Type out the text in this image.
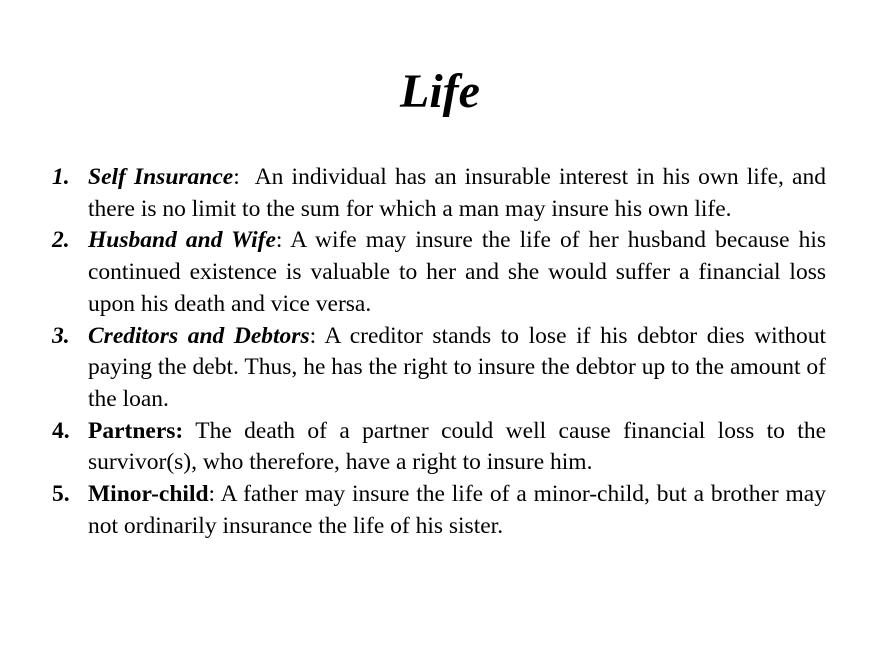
Life
1. Self Insurance:  An individual has an insurable interest in his own life, and there is no limit to the sum for which a man may insure his own life.
2. Husband and Wife: A wife may insure the life of her husband because his continued existence is valuable to her and she would suffer a financial loss upon his death and vice versa.
3. Creditors and Debtors: A creditor stands to lose if his debtor dies without paying the debt. Thus, he has the right to insure the debtor up to the amount of the loan.
4. Partners: The death of a partner could well cause financial loss to the survivor(s), who therefore, have a right to insure him.
5. Minor-child: A father may insure the life of a minor-child, but a brother may not ordinarily insurance the life of his sister.
